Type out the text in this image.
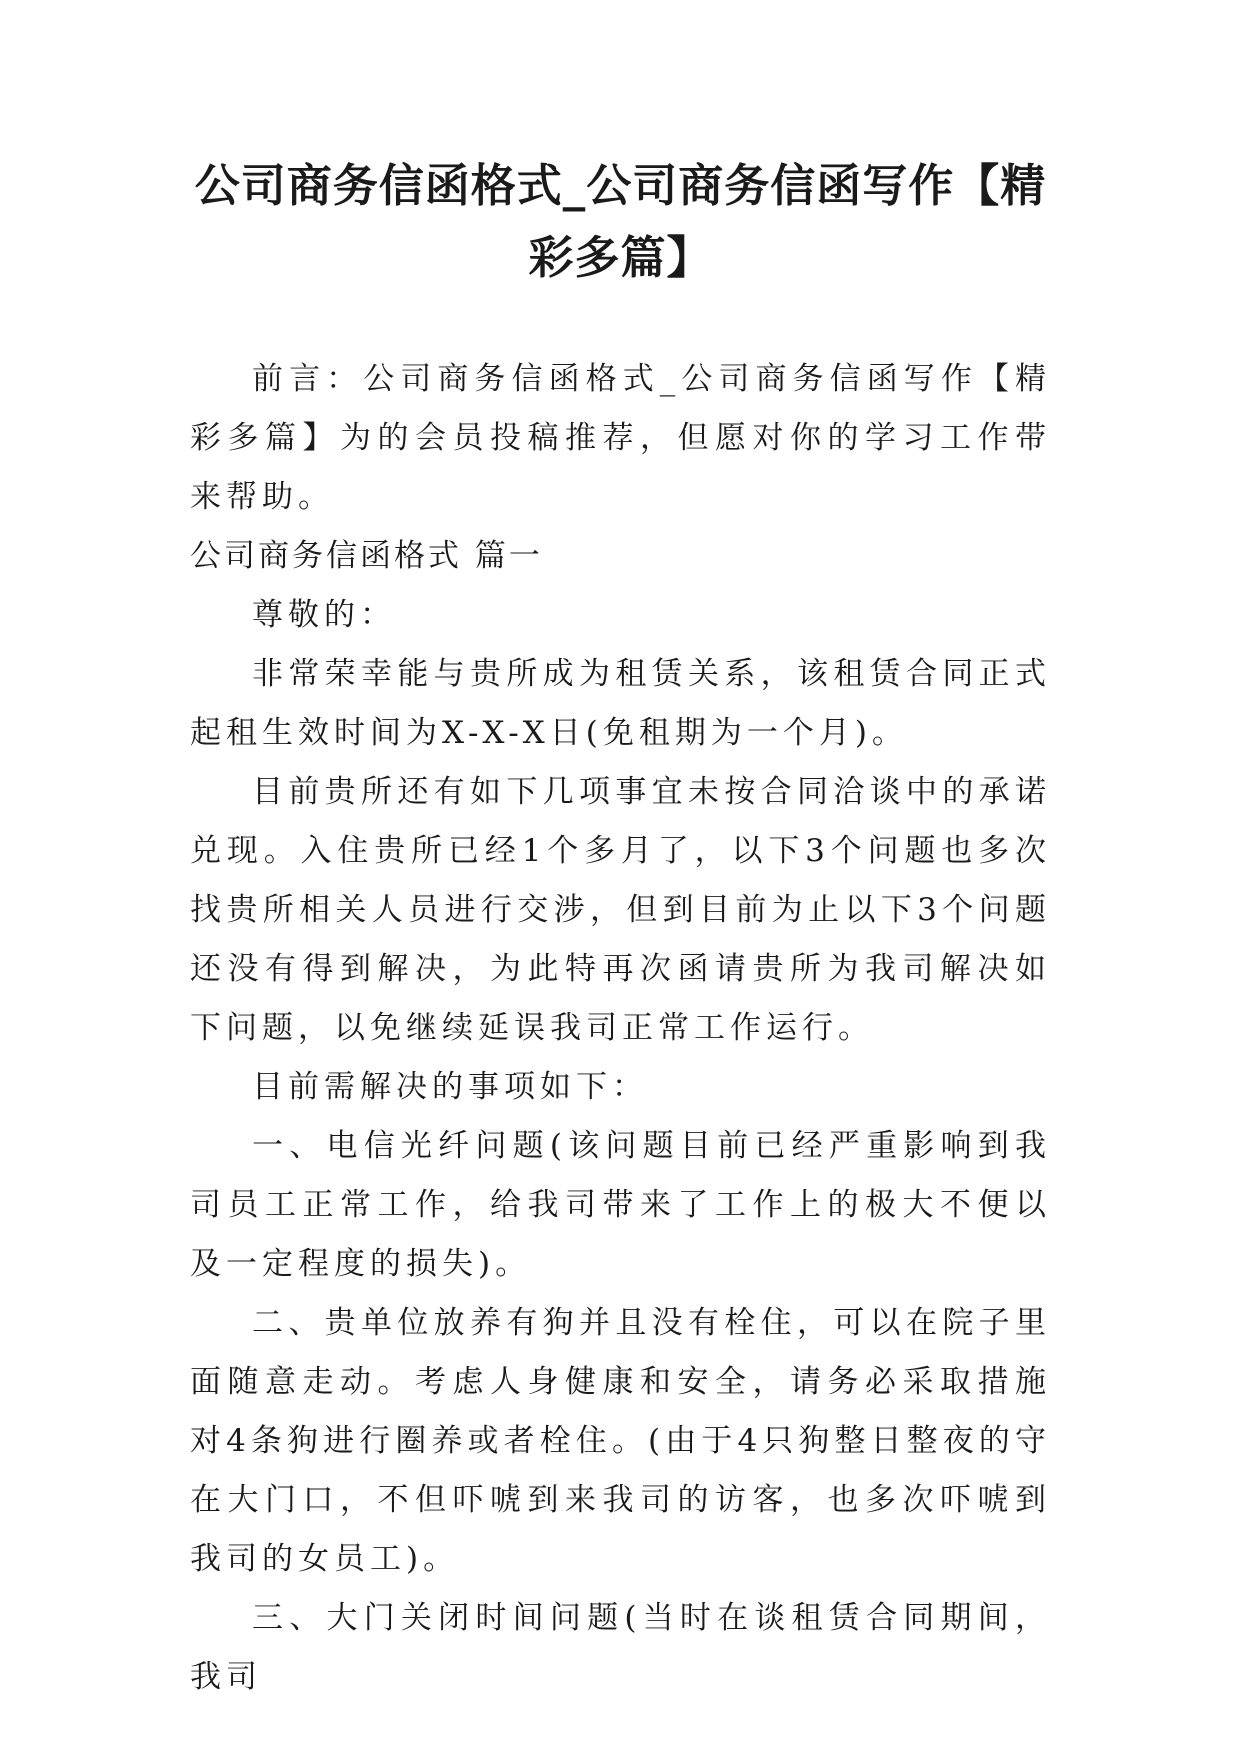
公司商务信函格式_公司商务信函写作【精彩多篇】

前言：公司商务信函格式_公司商务信函写作【精彩多篇】为的会员投稿推荐，但愿对你的学习工作带来帮助。

公司商务信函格式 篇一

尊敬的：

非常荣幸能与贵所成为租赁关系，该租赁合同正式起租生效时间为X-X-X日(免租期为一个月)。

目前贵所还有如下几项事宜未按合同洽谈中的承诺兑现。入住贵所已经1个多月了，以下3个问题也多次找贵所相关人员进行交涉，但到目前为止以下3个问题还没有得到解决，为此特再次函请贵所为我司解决如下问题，以免继续延误我司正常工作运行。

目前需解决的事项如下：

一、电信光纤问题(该问题目前已经严重影响到我司员工正常工作，给我司带来了工作上的极大不便以及一定程度的损失)。

二、贵单位放养有狗并且没有栓住，可以在院子里面随意走动。考虑人身健康和安全，请务必采取措施对4条狗进行圈养或者栓住。(由于4只狗整日整夜的守在大门口，不但吓唬到来我司的访客，也多次吓唬到我司的女员工)。

三、大门关闭时间问题(当时在谈租赁合同期间，我司
